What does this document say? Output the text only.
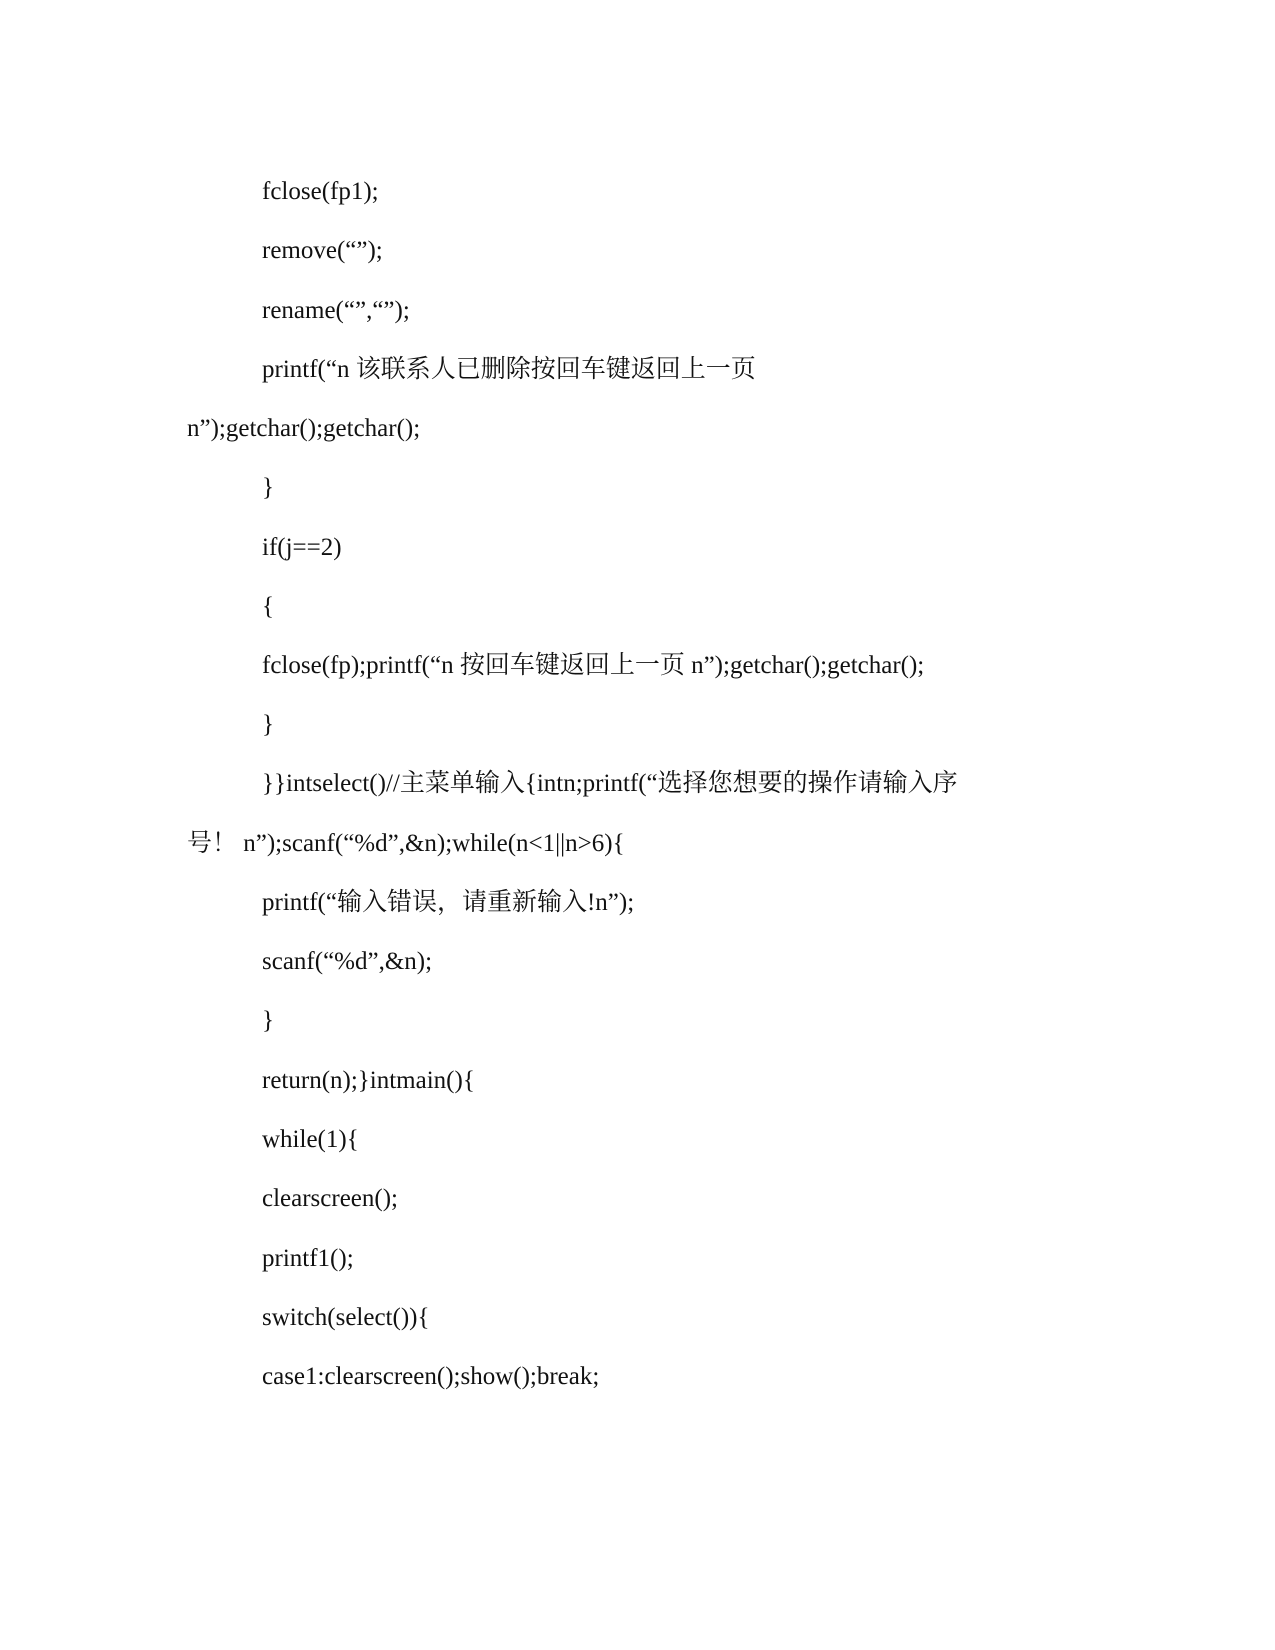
fclose(fp1);
remove(“”);
rename(“”,“”);
printf(“n 该联系人已删除按回车键返回上一页
n”);getchar();getchar();
}
if(j==2)
{
fclose(fp);printf(“n 按回车键返回上一页 n”);getchar();getchar();
}
}}intselect()//主菜单输入{intn;printf(“选择您想要的操作请输入序
号！ n”);scanf(“%d”,&n);while(n<1||n>6){
printf(“输入错误，请重新输入!n”);
scanf(“%d”,&n);
}
return(n);}intmain(){
while(1){
clearscreen();
printf1();
switch(select()){
case1:clearscreen();show();break;
